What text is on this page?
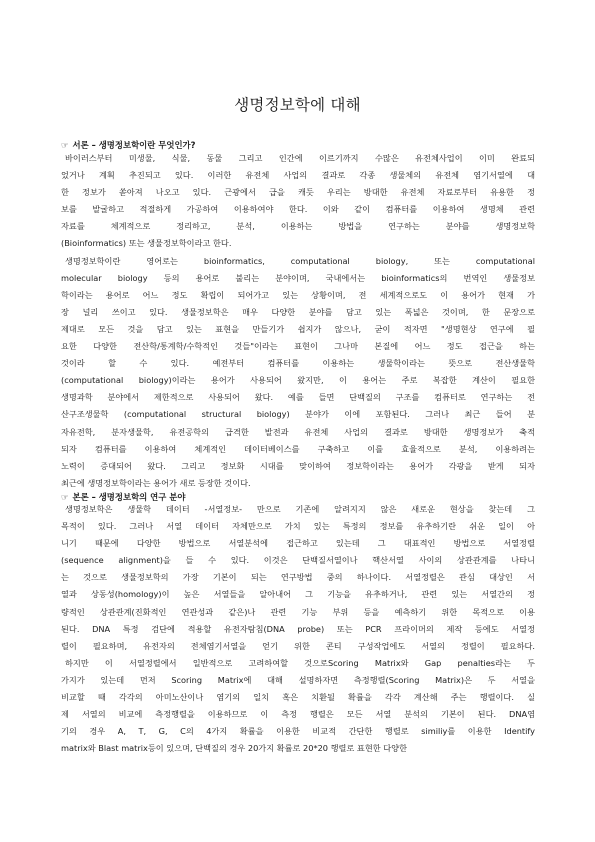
생명정보학에 대해
☞ 서론 – 생명정보학이란 무엇인가?
바이러스부터 미생물, 식물, 동물 그리고 인간에 이르기까지 수많은 유전체사업이 이미 완료되
었거나 계획 추진되고 있다. 이러한 유전체 사업의 결과로 각종 생물체의 유전체 염기서열에 대
한 정보가 쏟아져 나오고 있다. 근광에서 급을 캐듯 우리는 방대한 유전체 자료로부터 유용한 정
보를 발굴하고 적절하게 가공하여 이용하여야 한다. 이와 같이 컴퓨터를 이용하여 생명체 관련
자료를 체계적으로 정리하고, 분석, 이용하는 방법을 연구하는 분야를 생명정보학
(Bioinformatics) 또는 생물정보학이라고 한다.
생명정보학이란 영어로는 bioinformatics, computational biology, 또는 computational
molecular biology 등의 용어로 불리는 분야이며, 국내에서는 bioinformatics의 번역인 생물정보
학이라는 용어로 어느 정도 확립이 되어가고 있는 상황이며, 전 세계적으로도 이 용어가 현재 가
장 널리 쓰이고 있다. 생물정보학은 매우 다양한 분야를 담고 있는 폭넓은 것이며, 한 문장으로
제대로 모든 것을 담고 있는 표현을 만들기가 쉽지가 않으나, 굳이 적자면 "생명현상 연구에 필
요한 다양한 전산학/통계학/수학적인 것들"이라는 표현이 그나마 본질에 어느 정도 접근을 하는
것이라 할 수 있다. 예전부터 컴퓨터를 이용하는 생물학이라는 뜻으로 전산생물학
(computational biology)이라는 용어가 사용되어 왔지만, 이 용어는 주로 복잡한 계산이 필요한
생명과학 분야에서 제한적으로 사용되어 왔다. 예를 들면 단백질의 구조를 컴퓨터로 연구하는 전
산구조생물학 (computational structural biology) 분야가 이에 포함된다. 그러나 최근 들어 분
자유전학, 분자생물학, 유전공학의 급격한 발전과 유전체 사업의 결과로 방대한 생명정보가 축적
되자 컴퓨터를 이용하여 체계적인 데이터베이스를 구축하고 이를 효율적으로 분석, 이용하려는
노력이 증대되어 왔다. 그리고 정보화 시대를 맞이하여 정보학이라는 용어가 각광을 받게 되자
최근에 생명정보학이라는 용어가 새로 등장한 것이다.
☞ 본론 – 생명정보학의 연구 분야
생명정보학은 생물학 데이터 -서열정보- 만으로 기존에 알려지지 않은 새로운 현상을 찾는데 그
목적이 있다. 그러나 서열 데이터 자체만으로 가치 있는 특정의 정보를 유추하기란 쉬운 일이 아
니기 때문에 다양한 방법으로 서열분석에 접근하고 있는데 그 대표적인 방법으로 서열정렬
(sequence alignment)을 들 수 있다. 이것은 단백질서열이나 핵산서열 사이의 상관관계를 나타니
는 것으로 생물정보학의 가장 기본이 되는 연구방법 중의 하나이다. 서열정렬은 관심 대상인 서
열과 상동성(homology)이 높은 서열들을 알아내어 그 기능을 유추하거나, 관련 있는 서열간의 정
량적인 상관관계(진화적인 연관성과 같은)나 관련 기능 부위 등을 예측하기 위한 목적으로 이용
된다. DNA 특정 검단에 적용할 유전자탐침(DNA probe) 또는 PCR 프라이머의 제작 등에도 서열정
렬이 필요하며, 유전자의 전체염기서열을 얻기 위한 콘티 구성작업에도 서열의 정렬이 필요하다.
하지만 이 서열정렬에서 일반적으로 고려하여할 것으로Scoring Matrix와 Gap penalties라는 두
가지가 있는데 먼저 Scoring Matrix에 대해 설명하자면 측정행렬(Scoring Matrix)은 두 서열을
비교할 때 각각의 아미노산이나 염기의 일치 혹은 치환될 확률을 각각 계산해 주는 행렬이다. 실
제 서열의 비교에 측정행렬을 이용하므로 이 측정 행렬은 모든 서열 분석의 기본이 된다. DNA염
기의 경우 A, T, G, C의 4가지 확률을 이용한 비교적 간단한 행렬로 similiy를 이용한 Identify
matrix와 Blast matrix등이 있으며, 단백질의 경우 20가지 확률로 20*20 행렬로 표현한 다양한
